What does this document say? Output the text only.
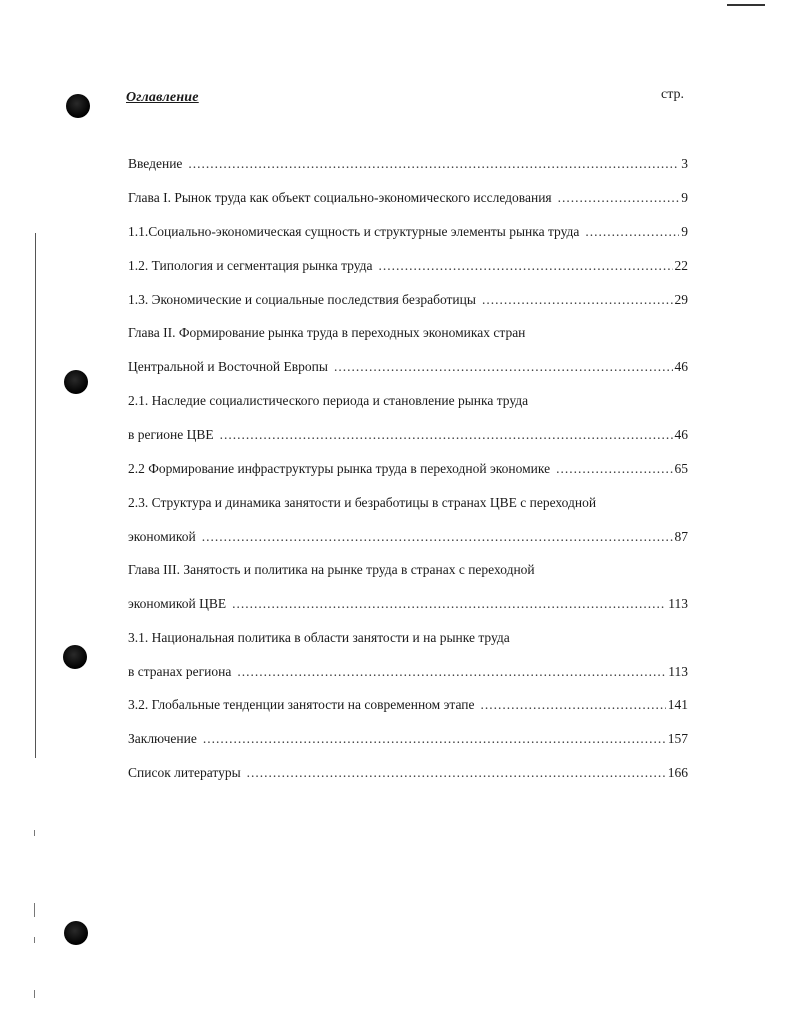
Оглавление	стр.
Введение .....	3
Глава I. Рынок труда как объект социально-экономического исследования .....	9
1.1.Социально-экономическая сущность и структурные элементы рынка труда .....	9
1.2. Типология и сегментация рынка труда .....	22
1.3. Экономические и социальные последствия безработицы .....	29
Глава II. Формирование рынка труда в переходных экономиках стран
Центральной и Восточной Европы .....	46
2.1. Наследие социалистического периода и становление рынка труда
в регионе ЦВЕ .....	46
2.2 Формирование инфраструктуры рынка труда в переходной экономике .....	65
2.3. Структура и динамика занятости и безработицы в странах ЦВЕ с переходной
экономикой .....	87
Глава III. Занятость и политика на рынке труда в странах с переходной
экономикой ЦВЕ .....	113
3.1. Национальная политика в области занятости и на рынке труда
в странах региона .....	113
3.2. Глобальные тенденции занятости на современном этапе .....	141
Заключение .....	157
Список литературы .....	166
